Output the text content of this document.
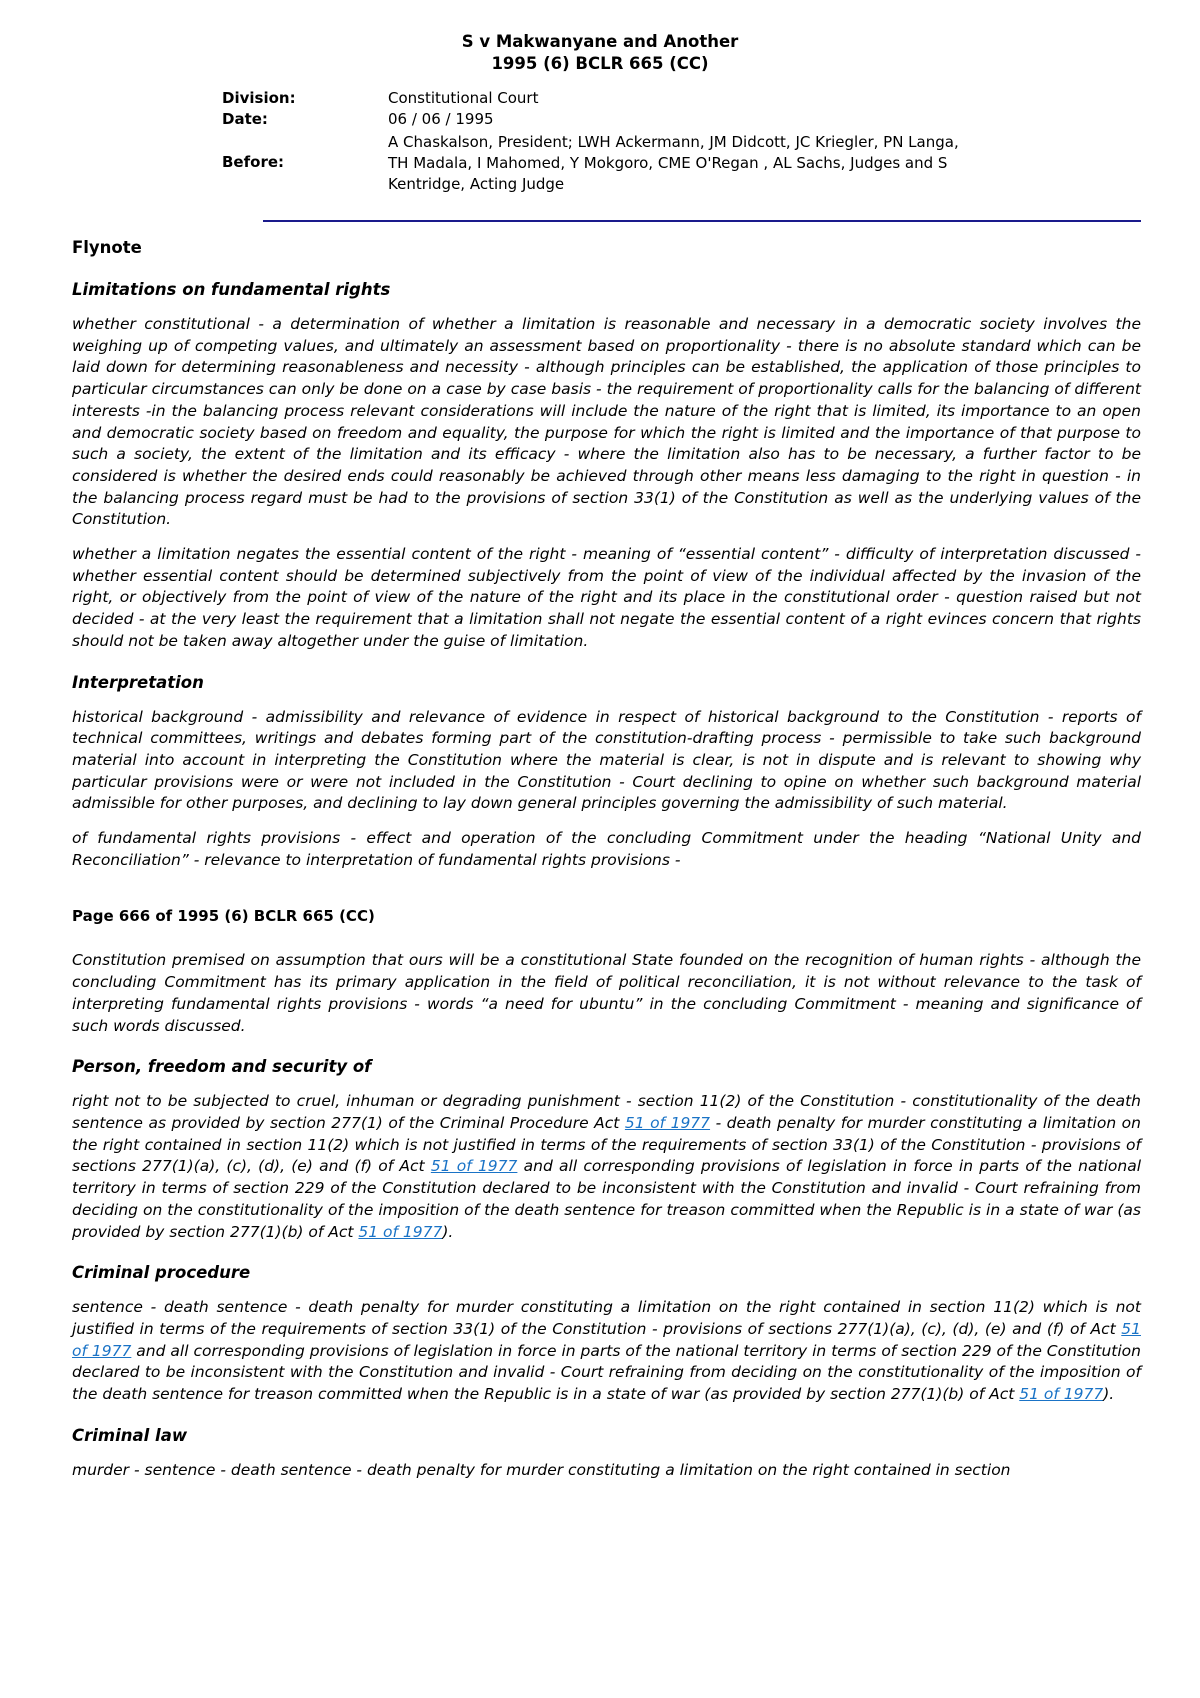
S v Makwanyane and Another
1995 (6) BCLR 665 (CC)
Division:	Constitutional Court
Date:	06 / 06 / 1995
Before:	A Chaskalson, President; LWH Ackermann, JM Didcott, JC Kriegler, PN Langa, TH Madala, I Mahomed, Y Mokgoro, CME O'Regan , AL Sachs, Judges and S Kentridge, Acting Judge

Flynote

Limitations on fundamental rights

whether constitutional - a determination of whether a limitation is reasonable and necessary in a democratic society involves the weighing up of competing values, and ultimately an assessment based on proportionality - there is no absolute standard which can be laid down for determining reasonableness and necessity - although principles can be established, the application of those principles to particular circumstances can only be done on a case by case basis - the requirement of proportionality calls for the balancing of different interests -in the balancing process relevant considerations will include the nature of the right that is limited, its importance to an open and democratic society based on freedom and equality, the purpose for which the right is limited and the importance of that purpose to such a society, the extent of the limitation and its efficacy - where the limitation also has to be necessary, a further factor to be considered is whether the desired ends could reasonably be achieved through other means less damaging to the right in question - in the balancing process regard must be had to the provisions of section 33(1) of the Constitution as well as the underlying values of the Constitution.

whether a limitation negates the essential content of the right - meaning of “essential content” - difficulty of interpretation discussed - whether essential content should be determined subjectively from the point of view of the individual affected by the invasion of the right, or objectively from the point of view of the nature of the right and its place in the constitutional order - question raised but not decided - at the very least the requirement that a limitation shall not negate the essential content of a right evinces concern that rights should not be taken away altogether under the guise of limitation.

Interpretation

historical background - admissibility and relevance of evidence in respect of historical background to the Constitution - reports of technical committees, writings and debates forming part of the constitution-drafting process - permissible to take such background material into account in interpreting the Constitution where the material is clear, is not in dispute and is relevant to showing why particular provisions were or were not included in the Constitution - Court declining to opine on whether such background material admissible for other purposes, and declining to lay down general principles governing the admissibility of such material.

of fundamental rights provisions - effect and operation of the concluding Commitment under the heading “National Unity and Reconciliation” - relevance to interpretation of fundamental rights provisions -

Page 666 of 1995 (6) BCLR 665 (CC)

Constitution premised on assumption that ours will be a constitutional State founded on the recognition of human rights - although the concluding Commitment has its primary application in the field of political reconciliation, it is not without relevance to the task of interpreting fundamental rights provisions - words “a need for ubuntu” in the concluding Commitment - meaning and significance of such words discussed.

Person, freedom and security of

right not to be subjected to cruel, inhuman or degrading punishment - section 11(2) of the Constitution - constitutionality of the death sentence as provided by section 277(1) of the Criminal Procedure Act 51 of 1977 - death penalty for murder constituting a limitation on the right contained in section 11(2) which is not justified in terms of the requirements of section 33(1) of the Constitution - provisions of sections 277(1)(a), (c), (d), (e) and (f) of Act 51 of 1977 and all corresponding provisions of legislation in force in parts of the national territory in terms of section 229 of the Constitution declared to be inconsistent with the Constitution and invalid - Court refraining from deciding on the constitutionality of the imposition of the death sentence for treason committed when the Republic is in a state of war (as provided by section 277(1)(b) of Act 51 of 1977).

Criminal procedure

sentence - death sentence - death penalty for murder constituting a limitation on the right contained in section 11(2) which is not justified in terms of the requirements of section 33(1) of the Constitution - provisions of sections 277(1)(a), (c), (d), (e) and (f) of Act 51 of 1977 and all corresponding provisions of legislation in force in parts of the national territory in terms of section 229 of the Constitution declared to be inconsistent with the Constitution and invalid - Court refraining from deciding on the constitutionality of the imposition of the death sentence for treason committed when the Republic is in a state of war (as provided by section 277(1)(b) of Act 51 of 1977).

Criminal law

murder - sentence - death sentence - death penalty for murder constituting a limitation on the right contained in section
